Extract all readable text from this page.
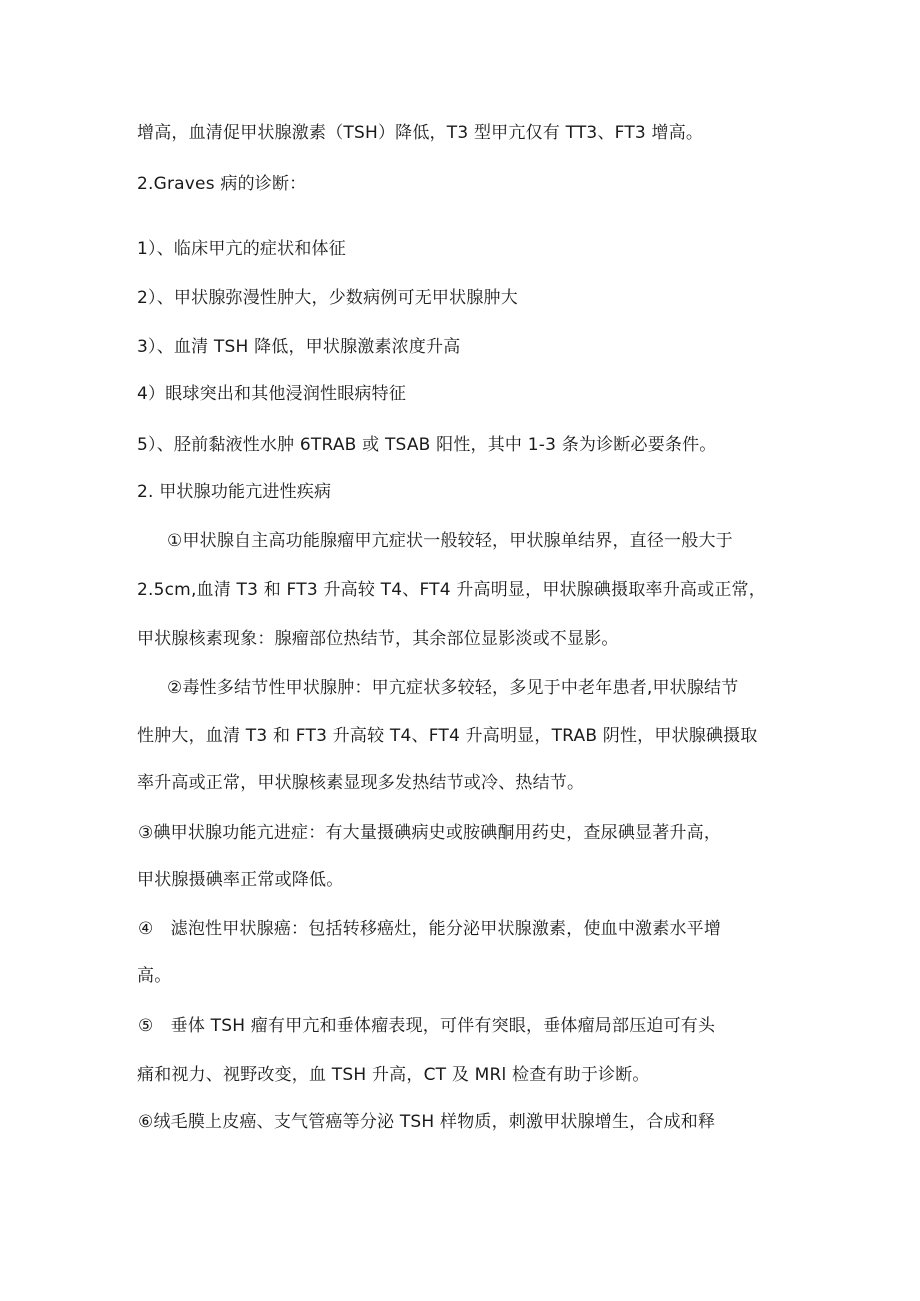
增高，血清促甲状腺激素（TSH）降低，T3 型甲亢仅有 TT3、FT3 增高。
2.Graves 病的诊断：
1）、临床甲亢的症状和体征
2）、甲状腺弥漫性肿大，少数病例可无甲状腺肿大
3）、血清 TSH 降低，甲状腺激素浓度升高
4）眼球突出和其他浸润性眼病特征
5）、胫前黏液性水肿 6TRAB 或 TSAB 阳性，其中 1-3 条为诊断必要条件。
2. 甲状腺功能亢进性疾病
①甲状腺自主高功能腺瘤甲亢症状一般较轻，甲状腺单结界，直径一般大于
2.5cm,血清 T3 和 FT3 升高较 T4、FT4 升高明显，甲状腺碘摄取率升高或正常，
甲状腺核素现象：腺瘤部位热结节，其余部位显影淡或不显影。
②毒性多结节性甲状腺肿：甲亢症状多较轻，多见于中老年患者,甲状腺结节
性肿大，血清 T3 和 FT3 升高较 T4、FT4 升高明显，TRAB 阴性，甲状腺碘摄取
率升高或正常，甲状腺核素显现多发热结节或冷、热结节。
③碘甲状腺功能亢进症：有大量摄碘病史或胺碘酮用药史，查尿碘显著升高，
甲状腺摄碘率正常或降低。
④　滤泡性甲状腺癌：包括转移癌灶，能分泌甲状腺激素，使血中激素水平增
高。
⑤　垂体 TSH 瘤有甲亢和垂体瘤表现，可伴有突眼，垂体瘤局部压迫可有头
痛和视力、视野改变，血 TSH 升高，CT 及 MRl 检查有助于诊断。
⑥绒毛膜上皮癌、支气管癌等分泌 TSH 样物质，刺激甲状腺增生，合成和释
